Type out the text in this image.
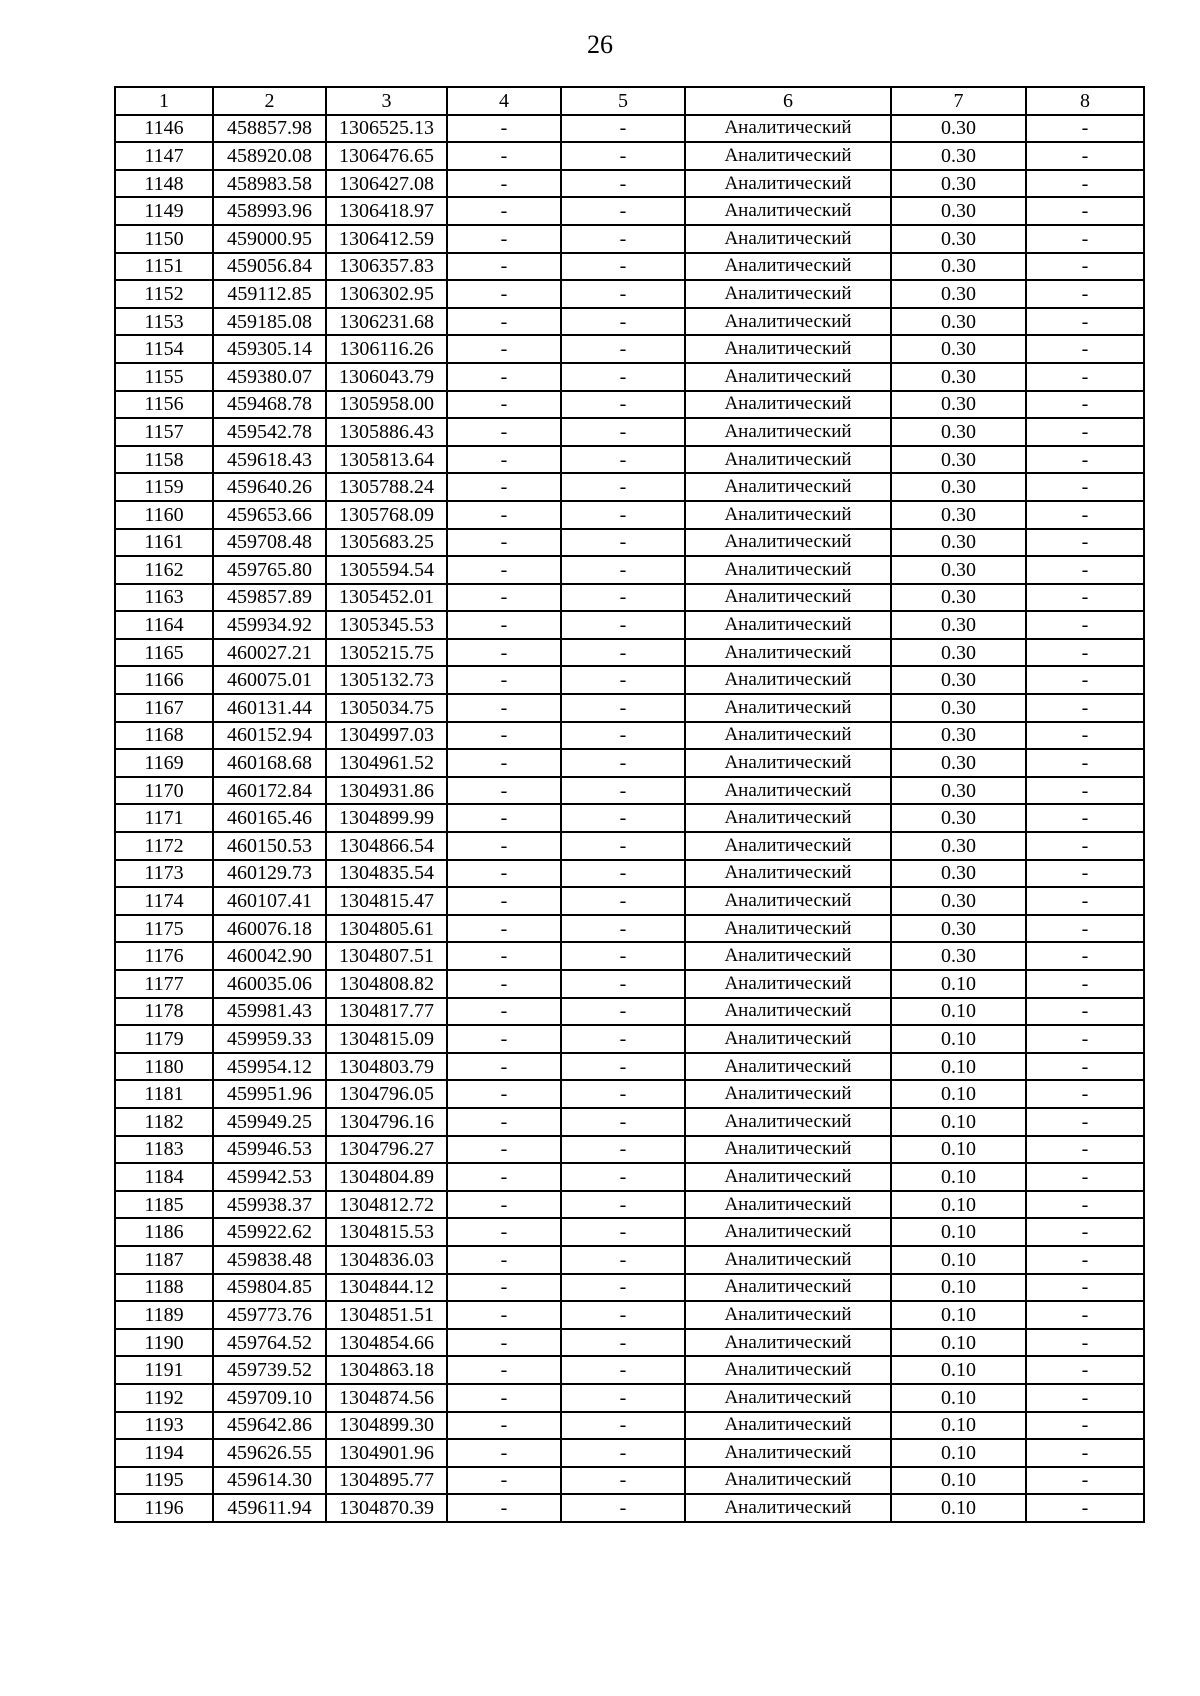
26
1	2	3	4	5	6	7	8
1146	458857.98	1306525.13	-	-	Аналитический	0.30	-
1147	458920.08	1306476.65	-	-	Аналитический	0.30	-
1148	458983.58	1306427.08	-	-	Аналитический	0.30	-
1149	458993.96	1306418.97	-	-	Аналитический	0.30	-
1150	459000.95	1306412.59	-	-	Аналитический	0.30	-
1151	459056.84	1306357.83	-	-	Аналитический	0.30	-
1152	459112.85	1306302.95	-	-	Аналитический	0.30	-
1153	459185.08	1306231.68	-	-	Аналитический	0.30	-
1154	459305.14	1306116.26	-	-	Аналитический	0.30	-
1155	459380.07	1306043.79	-	-	Аналитический	0.30	-
1156	459468.78	1305958.00	-	-	Аналитический	0.30	-
1157	459542.78	1305886.43	-	-	Аналитический	0.30	-
1158	459618.43	1305813.64	-	-	Аналитический	0.30	-
1159	459640.26	1305788.24	-	-	Аналитический	0.30	-
1160	459653.66	1305768.09	-	-	Аналитический	0.30	-
1161	459708.48	1305683.25	-	-	Аналитический	0.30	-
1162	459765.80	1305594.54	-	-	Аналитический	0.30	-
1163	459857.89	1305452.01	-	-	Аналитический	0.30	-
1164	459934.92	1305345.53	-	-	Аналитический	0.30	-
1165	460027.21	1305215.75	-	-	Аналитический	0.30	-
1166	460075.01	1305132.73	-	-	Аналитический	0.30	-
1167	460131.44	1305034.75	-	-	Аналитический	0.30	-
1168	460152.94	1304997.03	-	-	Аналитический	0.30	-
1169	460168.68	1304961.52	-	-	Аналитический	0.30	-
1170	460172.84	1304931.86	-	-	Аналитический	0.30	-
1171	460165.46	1304899.99	-	-	Аналитический	0.30	-
1172	460150.53	1304866.54	-	-	Аналитический	0.30	-
1173	460129.73	1304835.54	-	-	Аналитический	0.30	-
1174	460107.41	1304815.47	-	-	Аналитический	0.30	-
1175	460076.18	1304805.61	-	-	Аналитический	0.30	-
1176	460042.90	1304807.51	-	-	Аналитический	0.30	-
1177	460035.06	1304808.82	-	-	Аналитический	0.10	-
1178	459981.43	1304817.77	-	-	Аналитический	0.10	-
1179	459959.33	1304815.09	-	-	Аналитический	0.10	-
1180	459954.12	1304803.79	-	-	Аналитический	0.10	-
1181	459951.96	1304796.05	-	-	Аналитический	0.10	-
1182	459949.25	1304796.16	-	-	Аналитический	0.10	-
1183	459946.53	1304796.27	-	-	Аналитический	0.10	-
1184	459942.53	1304804.89	-	-	Аналитический	0.10	-
1185	459938.37	1304812.72	-	-	Аналитический	0.10	-
1186	459922.62	1304815.53	-	-	Аналитический	0.10	-
1187	459838.48	1304836.03	-	-	Аналитический	0.10	-
1188	459804.85	1304844.12	-	-	Аналитический	0.10	-
1189	459773.76	1304851.51	-	-	Аналитический	0.10	-
1190	459764.52	1304854.66	-	-	Аналитический	0.10	-
1191	459739.52	1304863.18	-	-	Аналитический	0.10	-
1192	459709.10	1304874.56	-	-	Аналитический	0.10	-
1193	459642.86	1304899.30	-	-	Аналитический	0.10	-
1194	459626.55	1304901.96	-	-	Аналитический	0.10	-
1195	459614.30	1304895.77	-	-	Аналитический	0.10	-
1196	459611.94	1304870.39	-	-	Аналитический	0.10	-
